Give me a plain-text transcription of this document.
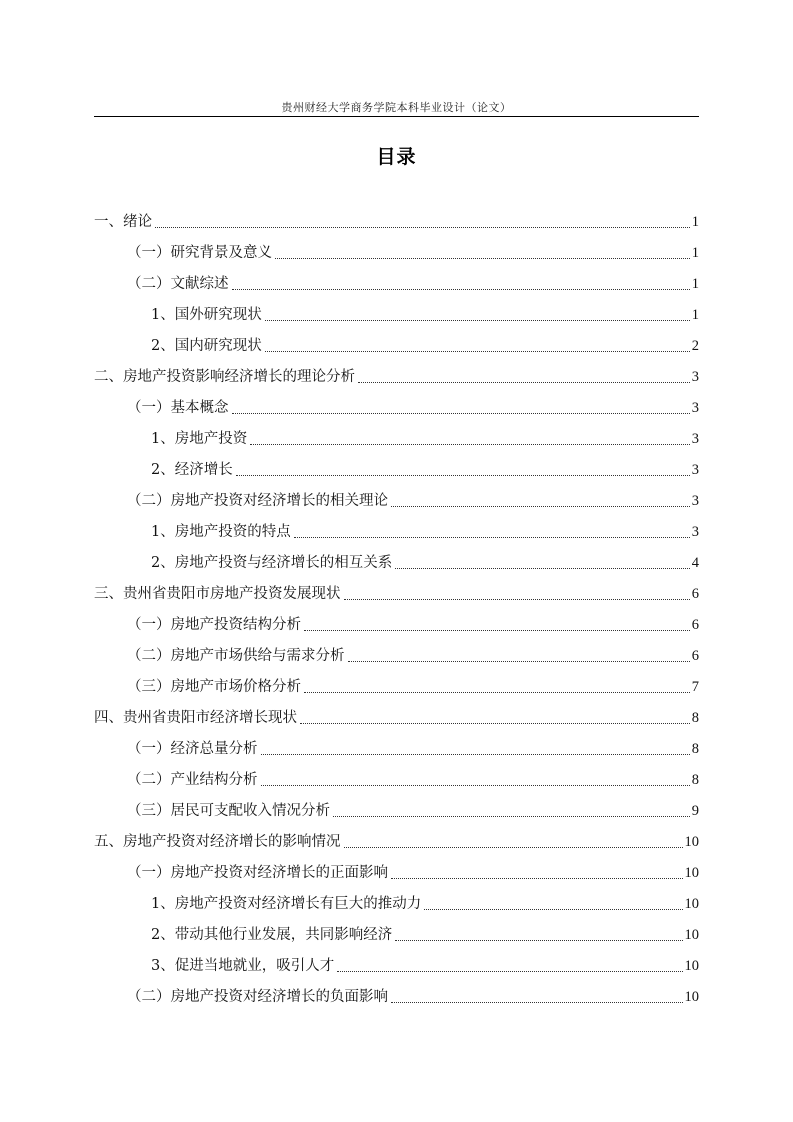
贵州财经大学商务学院本科毕业设计（论文）
目录
一、绪论	1
（一）研究背景及意义	1
（二）文献综述	1
1、国外研究现状	1
2、国内研究现状	2
二、房地产投资影响经济增长的理论分析	3
（一）基本概念	3
1、房地产投资	3
2、经济增长	3
（二）房地产投资对经济增长的相关理论	3
1、房地产投资的特点	3
2、房地产投资与经济增长的相互关系	4
三、贵州省贵阳市房地产投资发展现状	6
（一）房地产投资结构分析	6
（二）房地产市场供给与需求分析	6
（三）房地产市场价格分析	7
四、贵州省贵阳市经济增长现状	8
（一）经济总量分析	8
（二）产业结构分析	8
（三）居民可支配收入情况分析	9
五、房地产投资对经济增长的影响情况	10
（一）房地产投资对经济增长的正面影响	10
1、房地产投资对经济增长有巨大的推动力	10
2、带动其他行业发展，共同影响经济	10
3、促进当地就业，吸引人才	10
（二）房地产投资对经济增长的负面影响	10
